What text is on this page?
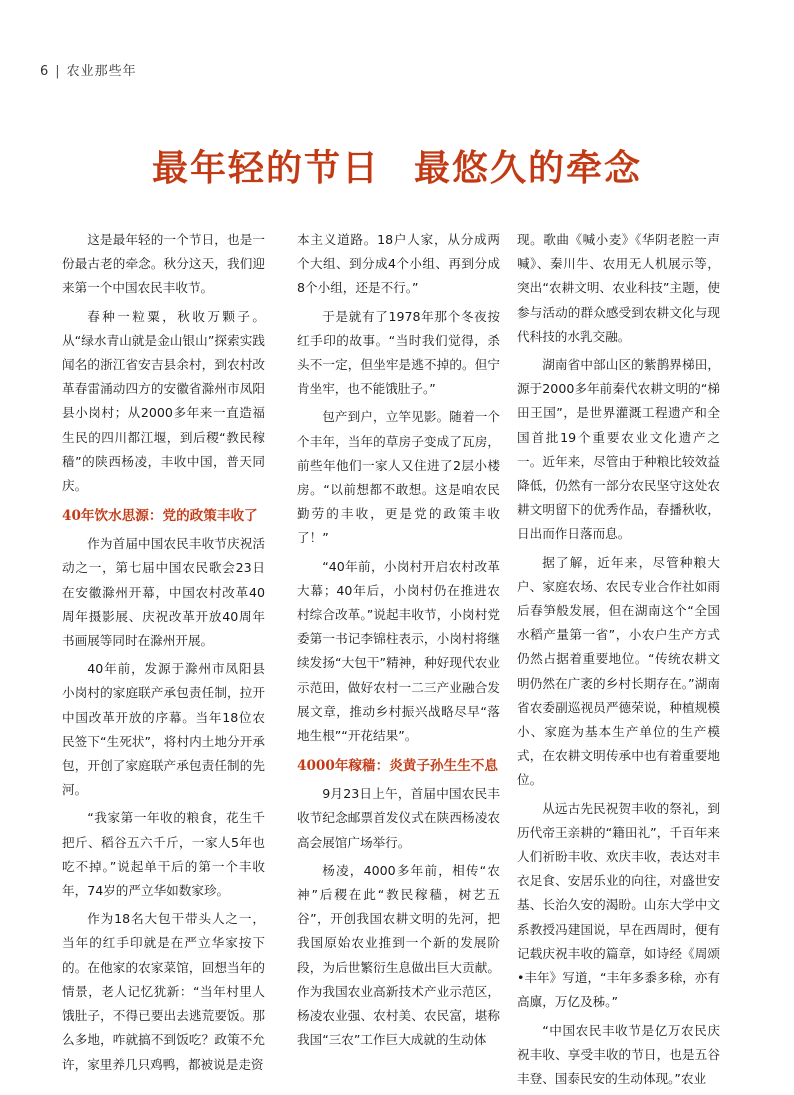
6 | 农业那些年
最年轻的节日 最悠久的牵念

这是最年轻的一个节日，也是一份最古老的牵念。秋分这天，我们迎来第一个中国农民丰收节。

春种一粒粟，秋收万颗子。从“绿水青山就是金山银山”探索实践闻名的浙江省安吉县余村，到农村改革春雷涌动四方的安徽省滁州市凤阳县小岗村；从2000多年来一直造福生民的四川都江堰，到后稷“教民稼穑”的陕西杨凌，丰收中国，普天同庆。

40年饮水思源：党的政策丰收了

作为首届中国农民丰收节庆祝活动之一，第七届中国农民歌会23日在安徽滁州开幕，中国农村改革40周年摄影展、庆祝改革开放40周年书画展等同时在滁州开展。

40年前，发源于滁州市凤阳县小岗村的家庭联产承包责任制，拉开中国改革开放的序幕。当年18位农民签下“生死状”，将村内土地分开承包，开创了家庭联产承包责任制的先河。

“我家第一年收的粮食，花生千把斤、稻谷五六千斤，一家人5年也吃不掉。”说起单干后的第一个丰收年，74岁的严立华如数家珍。

作为18名大包干带头人之一，当年的红手印就是在严立华家按下的。在他家的农家菜馆，回想当年的情景，老人记忆犹新：“当年村里人饿肚子，不得已要出去逃荒要饭。那么多地，咋就搞不到饭吃？政策不允许，家里养几只鸡鸭，都被说是走资

本主义道路。18户人家，从分成两个大组、到分成4个小组、再到分成8个小组，还是不行。”

于是就有了1978年那个冬夜按红手印的故事。“当时我们觉得，杀头不一定，但坐牢是逃不掉的。但宁肯坐牢，也不能饿肚子。”

包产到户，立竿见影。随着一个个丰年，当年的草房子变成了瓦房，前些年他们一家人又住进了2层小楼房。“以前想都不敢想。这是咱农民勤劳的丰收，更是党的政策丰收了！”

“40年前，小岗村开启农村改革大幕；40年后，小岗村仍在推进农村综合改革。”说起丰收节，小岗村党委第一书记李锦柱表示，小岗村将继续发扬“大包干”精神，种好现代农业示范田，做好农村一二三产业融合发展文章，推动乡村振兴战略尽早“落地生根”“开花结果”。

4000年稼穑：炎黄子孙生生不息

9月23日上午，首届中国农民丰收节纪念邮票首发仪式在陕西杨凌农高会展馆广场举行。

杨凌，4000多年前，相传“农神”后稷在此“教民稼穑，树艺五谷”，开创我国农耕文明的先河，把我国原始农业推到一个新的发展阶段，为后世繁衍生息做出巨大贡献。作为我国农业高新技术产业示范区，杨凌农业强、农村美、农民富，堪称我国“三农”工作巨大成就的生动体

现。歌曲《喊小麦》《华阴老腔一声喊》、秦川牛、农用无人机展示等，突出“农耕文明、农业科技”主题，使参与活动的群众感受到农耕文化与现代科技的水乳交融。

湖南省中部山区的紫鹊界梯田，源于2000多年前秦代农耕文明的“梯田王国”，是世界灌溉工程遗产和全国首批19个重要农业文化遗产之一。近年来，尽管由于种粮比较效益降低，仍然有一部分农民坚守这处农耕文明留下的优秀作品，春播秋收，日出而作日落而息。

据了解，近年来，尽管种粮大户、家庭农场、农民专业合作社如雨后春笋般发展，但在湖南这个“全国水稻产量第一省”，小农户生产方式仍然占据着重要地位。“传统农耕文明仍然在广袤的乡村长期存在。”湖南省农委副巡视员严德荣说，种植规模小、家庭为基本生产单位的生产模式，在农耕文明传承中也有着重要地位。

从远古先民祝贺丰收的祭礼，到历代帝王亲耕的“籍田礼”，千百年来人们祈盼丰收、欢庆丰收，表达对丰衣足食、安居乐业的向往，对盛世安基、长治久安的渴盼。山东大学中文系教授冯建国说，早在西周时，便有记载庆祝丰收的篇章，如诗经《周颂•丰年》写道，“丰年多黍多稌，亦有高廪，万亿及秭。”

“中国农民丰收节是亿万农民庆祝丰收、享受丰收的节日，也是五谷丰登、国泰民安的生动体现。”农业
